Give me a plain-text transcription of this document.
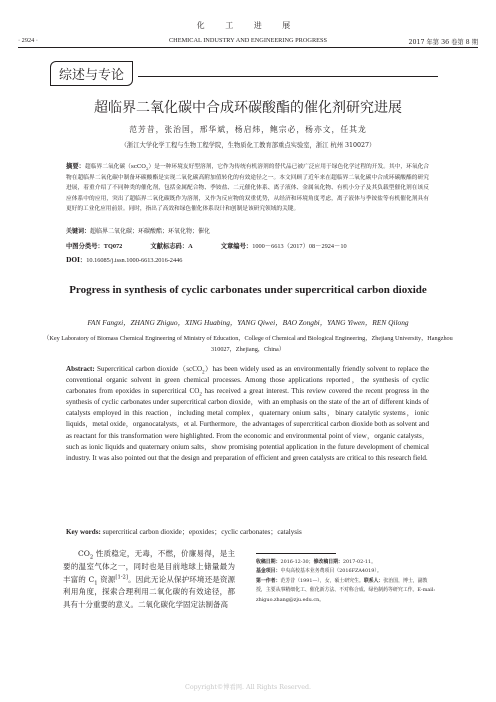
化 工 进 展
· 2924 ·	CHEMICAL INDUSTRY AND ENGINEERING PROGRESS	2017 年第 36 卷第 8 期
综述与专论
超临界二氧化碳中合成环碳酸酯的催化剂研究进展
范芳昔，张治国，邢华斌，杨启炜，鲍宗必，杨亦文，任其龙
（浙江大学化学工程与生物工程学院，生物质化工教育部重点实验室，浙江 杭州 310027）
摘要：超临界二氧化碳（scCO$_2$）是一种环境友好型溶剂，它作为传统有机溶剂的替代品已被广泛应用于绿色化学过程的开发。其中，环氧化合物在超临界二氧化碳中制备环碳酸酯是实现二氧化碳高附加值转化的有效途径之一。本文回顾了近年来在超临界二氧化碳中合成环碳酸酯的研究进展，着重介绍了不同种类的催化剂，包括金属配合物、季铵盐、二元催化体系、离子液体、金属氧化物、有机小分子及其负载型催化剂在该反应体系中的应用，突出了超临界二氧化碳既作为溶剂，又作为反应物的双重优势，从经济和环境角度考虑，离子液体与季铵盐等有机催化剂具有更好的工业化应用前景。同时，指出了高效和绿色催化体系设计和创制是该研究领域的关键。
关键词：超临界二氧化碳；环碳酸酯；环氧化物；催化
中图分类号：TQ072	文献标志码：A	文章编号：1000－6613（2017）08－2924－10
DOI：10.16085/j.issn.1000-6613.2016-2446
Progress in synthesis of cyclic carbonates under supercritical carbon dioxide
FAN Fangxi，ZHANG Zhiguo，XING Huabing，YANG Qiwei，BAO Zongbi，YANG Yiwen，REN Qilong
（Key Laboratory of Biomass Chemical Engineering of Ministry of Education，College of Chemical and Biological Engineering，Zhejiang University，Hangzhou 310027，Zhejiang，China）
Abstract: Supercritical carbon dioxide（scCO$_2$）has been widely used as an environmentally friendly solvent to replace the conventional organic solvent in green chemical processes. Among those applications reported，the synthesis of cyclic carbonates from epoxides in supercritical $CO_2$ has received a great interest. This review covered the recent progress in the synthesis of cyclic carbonates under supercritical carbon dioxide，with an emphasis on the state of the art of different kinds of catalysts employed in this reaction，including metal complex，quaternary onium salts，binary catalytic systems，ionic liquids，metal oxide，organocatalysts，et al. Furthermore，the advantages of supercritical carbon dioxide both as solvent and as reactant for this transformation were highlighted. From the economic and environmental point of view，organic catalysts，such as ionic liquids and quaternary onium salts，show promising potential application in the future development of chemical industry. It was also pointed out that the design and preparation of efficient and green catalysts are critical to this research field.
Key words: supercritical carbon dioxide；epoxides；cyclic carbonates；catalysis
$CO_2$ 性质稳定，无毒，不燃，价廉易得，是主要的温室气体之一，同时也是目前地球上储量最为丰富的 $C_1$ 资源[1-2]。因此无论从保护环境还是资源利用角度，探索合理利用二氧化碳的有效途径，都具有十分重要的意义。二氧化碳化学固定法制备高

收稿日期：2016-12-30；修改稿日期：2017-02-11。

基金项目：中央高校基本业务费项目（2016FZA4019）。

第一作者：范芳昔（1991—），女，硕士研究生。联系人：张治国，博士，副教授，主要从事精细化工、催化新方法、不对称合成、绿色制药等研究工作。E-mail: zhiguo.zhang@zju.edu.cn。

Copyright©博看网. All Rights Reserved.
